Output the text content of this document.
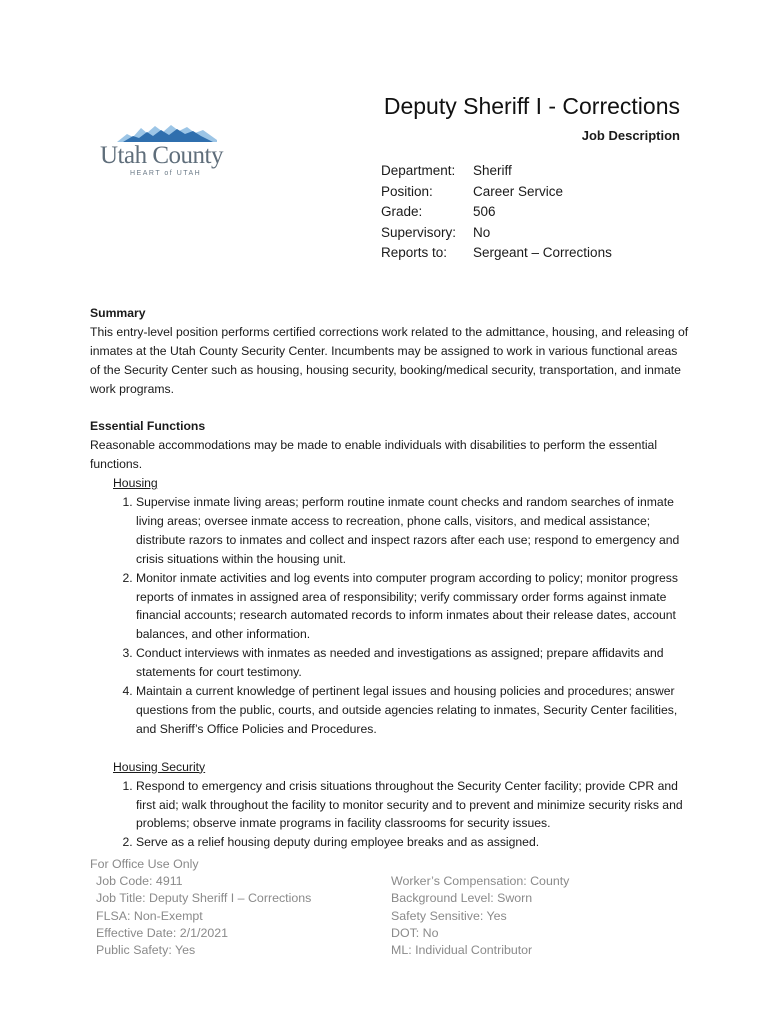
Utah County
HEART of UTAH
Deputy Sheriff I - Corrections
Job Description
Department: Sheriff
Position:	Career Service
Grade:	506
Supervisory: No
Reports to: Sergeant – Corrections
Summary
This entry-level position performs certified corrections work related to the admittance, housing, and releasing of inmates at the Utah County Security Center. Incumbents may be assigned to work in various functional areas of the Security Center such as housing, housing security, booking/medical security, transportation, and inmate work programs.
Essential Functions
Reasonable accommodations may be made to enable individuals with disabilities to perform the essential functions.
Housing
1. Supervise inmate living areas; perform routine inmate count checks and random searches of inmate living areas; oversee inmate access to recreation, phone calls, visitors, and medical assistance; distribute razors to inmates and collect and inspect razors after each use; respond to emergency and crisis situations within the housing unit.
2. Monitor inmate activities and log events into computer program according to policy; monitor progress reports of inmates in assigned area of responsibility; verify commissary order forms against inmate financial accounts; research automated records to inform inmates about their release dates, account balances, and other information.
3. Conduct interviews with inmates as needed and investigations as assigned; prepare affidavits and statements for court testimony.
4. Maintain a current knowledge of pertinent legal issues and housing policies and procedures; answer questions from the public, courts, and outside agencies relating to inmates, Security Center facilities, and Sheriff’s Office Policies and Procedures.
Housing Security
1. Respond to emergency and crisis situations throughout the Security Center facility; provide CPR and first aid; walk throughout the facility to monitor security and to prevent and minimize security risks and problems; observe inmate programs in facility classrooms for security issues.
2. Serve as a relief housing deputy during employee breaks and as assigned.
For Office Use Only
Job Code: 4911
Job Title: Deputy Sheriff I – Corrections
FLSA: Non-Exempt
Effective Date: 2/1/2021
Public Safety: Yes
Worker’s Compensation: County
Background Level: Sworn
Safety Sensitive: Yes
DOT: No
ML: Individual Contributor
